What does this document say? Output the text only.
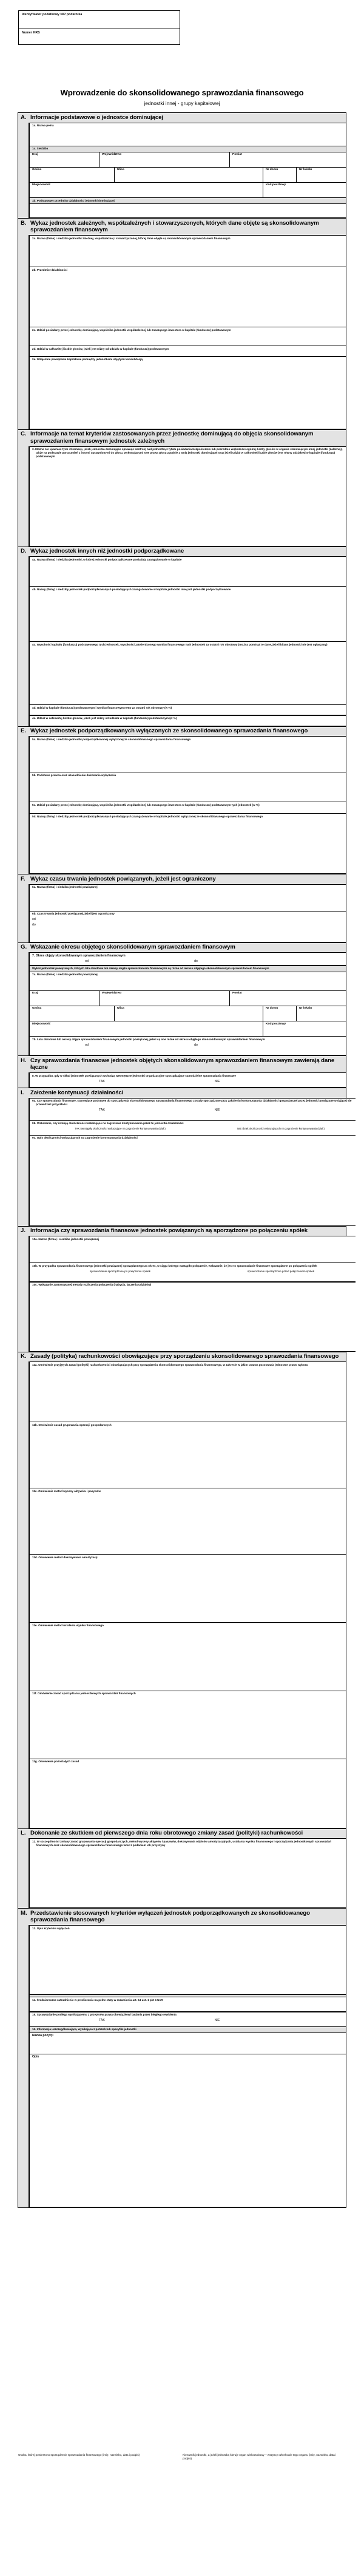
Identyfikator podatkowy NIP podatnika
Numer KRS
Wprowadzenie do skonsolidowanego sprawozdania finansowego
jednostki innej - grupy kapitałowej
A. Informacje podstawowe o jednostce dominującej
1a. Nazwa pełna
1a. Siedziba
Kraj	Województwo	Powiat
Gmina	Ulica	Nr domu	Nr lokalu
Miejscowość	Kod pocztowy
1b. Podstawowy przedmiot działalności jednostki dominującej
B. Wykaz jednostek zależnych, współzależnych i stowarzyszonych, których dane objęte są skonsolidowanym sprawozdaniem finansowym
2a. Nazwa (firma) i siedziba jednostki zależnej, współzależnej i stowarzyszonej, której dane objęte są skonsolidowanym sprawozdaniem finansowym
2b. Przedmiot działalności
2c. Udział posiadany przez jednostkę dominującą, wspólnika jednostki współzależnej lub znaczącego inwestora w kapitale (funduszu) podstawowym
2d. Udział w całkowitej liczbie głosów, jeżeli jest różny od udziału w kapitale (funduszu) podstawowym
2e. Wzajemne powiązania kapitałowe pomiędzy jednostkami objętymi konsolidacją
C. Informacje na temat kryteriów zastosowanych przez jednostkę dominującą do objęcia skonsolidowanym sprawozdaniem finansowym jednostek zależnych
3. Można nie ujawniać tych informacji, jeżeli jednostka dominująca sprawuje kontrolę nad jednostką z tytułu posiadania bezpośrednio lub pośrednio większości ogólnej liczby głosów w organie stanowiącym innej jednostki (zależnej), także na podstawie porozumień z innymi uprawnionymi do głosu, wykonującymi swe prawa głosu zgodnie z wolą jednostki dominującej oraz jeżeli udział w całkowitej liczbie głosów jest równy udziałowi w kapitale (funduszu) podstawowym
D. Wykaz jednostek innych niż jednostki podporządkowane
4a. Nazwa (firma) i siedziba jednostki, w której jednostki podporządkowane posiadają zaangażowanie w kapitale
4b. Nazwy (firmy) i siedziby jednostek podporządkowanych posiadających zaangażowanie w kapitale jednostki innej niż jednostki podporządkowane
4c. Wysokość kapitału (funduszu) podstawowego tych jednostek, wysokości zatwierdzonego wyniku finansowego tych jednostek za ostatni rok obrotowy (można pominąć te dane, jeżeli bilans jednostki nie jest ogłaszany)
4d. Udział w kapitale (funduszu) podstawowym i wyniku finansowym netto za ostatni rok obrotowy (w %)
4e. Udział w całkowitej liczbie głosów, jeżeli jest różny od udziału w kapitale (funduszu) podstawowym (w %)
E. Wykaz jednostek podporządkowanych wyłączonych ze skonsolidowanego sprawozdania finansowego
5a. Nazwa (firma) i siedziba jednostki podporządkowanej wyłączonej ze skonsolidowanego sprawozdania finansowego
5b. Podstawa prawna oraz uzasadnienie dokonania wyłączenia
5c. Udział posiadany przez jednostkę dominującą, wspólnika jednostki współzależnej lub znaczącego inwestora w kapitale (funduszu) podstawowym tych jednostek (w %)
5d. Nazwy (firmy) i siedziby jednostek podporządkowanych posiadających zaangażowanie w kapitale jednostki wyłączonej ze skonsolidowanego sprawozdania finansowego
F. Wykaz czasu trwania jednostek powiązanych, jeżeli jest ograniczony
6a. Nazwa (firma) i siedziba jednostki powiązanej
6b. Czas trwania jednostki powiązanej, jeżeli jest ograniczony
od
do
G. Wskazanie okresu objętego skonsolidowanym sprawozdaniem finansowym
7. Okres objęty skonsolidowanym sprawozdaniem finansowym
od	do
Wykaz jednostek powiązanych, których lata obrotowe lub okresy objęte sprawozdaniami finansowymi są różne od okresu objętego skonsolidowanym sprawozdaniem finansowym
7a. Nazwa (firma) i siedziba jednostki powiązanej
Kraj	Województwo	Powiat
Gmina	Ulica	Nr domu	Nr lokalu
Miejscowość	Kod pocztowy
7b. Lata obrotowe lub okresy objęte sprawozdaniem finansowym jednostki powiązanej, jeżeli są one różne od okresu objętego skonsolidowanym sprawozdaniem finansowym
od	do
H. Czy sprawozdania finansowe jednostek objętych skonsolidowanym sprawozdaniem finansowym zawierają dane łączne
8. W przypadku, gdy w skład jednostek powiązanych wchodzą wewnętrzne jednostki organizacyjne sporządzające samodzielne sprawozdania finansowe
TAK	NIE
I.	Założenie kontynuacji działalności
9a. Czy sprawozdania finansowe, stanowiące podstawę do sporządzenia skonsolidowanego sprawozdania finansowego zostały sporządzone przy założeniu kontynuowania działalności gospodarczej przez jednostki powiązane w dającej się przewidzieć przyszłości
TAK	NIE
9b. Wskazanie, czy istnieją okoliczności wskazujące na zagrożenie kontynuowania przez te jednostki działalności
TAK (wystąpiły okoliczności wskazujące na zagrożenie kontynuowania dział.)	NIE (brak okoliczności wskazujących na zagrożenie kontynuowania dział.)
9c. Opis okoliczności wskazujących na zagrożenie kontynuowania działalności
J. Informacja czy sprawozdania finansowe jednostek powiązanych są sporządzone po połączeniu spółek
10a. Nazwa (firma) i siedziba jednostki powiązanej
10b. W przypadku sprawozdania finansowego jednostki powiązanej sporządzonego za okres, w ciągu którego nastąpiło połączenie, wskazanie, że jest to sprawozdanie finansowe sporządzone po połączeniu spółek
sprawozdanie sporządzone po połączeniu spółek	sprawozdanie sporządzone przed połączeniem spółek
10c. Wskazanie zastosowanej metody rozliczenia połączenia (nabycia, łączenia udziałów)
K. Zasady (polityka) rachunkowości obowiązujące przy sporządzeniu skonsolidowanego sprawozdania finansowego
11a. Omówienie przyjętych zasad (polityki) rachunkowości obowiązujących przy sporządzeniu skonsolidowanego sprawozdania finansowego, w zakresie w jakim ustawa pozostawia jednostce prawo wyboru
11b. Omówienie zasad grupowania operacji gospodarczych
11c. Omówienie metod wyceny aktywów i pasywów
11d. Omówienie metod dokonywania amortyzacji
11e. Omówienie metod ustalenia wyniku finansowego
11f. Omówienie zasad sporządzania jednostkowych sprawozdań finansowych
11g. Omówienie pozostałych zasad
L. Dokonanie ze skutkiem od pierwszego dnia roku obrotowego zmiany zasad (polityki) rachunkowości
12. W szczególności zmiany zasad grupowania operacji gospodarczych, metod wyceny aktywów i pasywów, dokonywania odpisów amortyzacyjnych, ustalania wyniku finansowego i sporządzania jednostkowych sprawozdań finansowych oraz skonsolidowanego sprawozdania finansowego wraz z podaniem ich przyczyny
M. Przedstawienie stosowanych kryteriów wyłączeń jednostek podporządkowanych ze skonsolidowanego sprawozdania finansowego
13. Opis kryteriów wyłączeń
14. Średnioroczne zatrudnienie w przeliczeniu na pełne etaty w rozumieniu art. 64 ust. 1 pkt 4 UoR
15. Sprawozdanie podlega wynikającemu z przepisów prawa obowiązkowi badania przez biegłego rewidenta
TAK	NIE
16. Informacja uszczegóławiająca, wynikająca z potrzeb lub specyfiki jednostki
Nazwa pozycji
Opis
Osoba, której powierzono sporządzenie sprawozdania finansowego (imię, nazwisko, data i podpis)	Kierownik jednostki, a jeżeli jednostką kieruje organ wieloosobowy – wszyscy członkowie tego organu (imię, nazwisko, data i podpis)
